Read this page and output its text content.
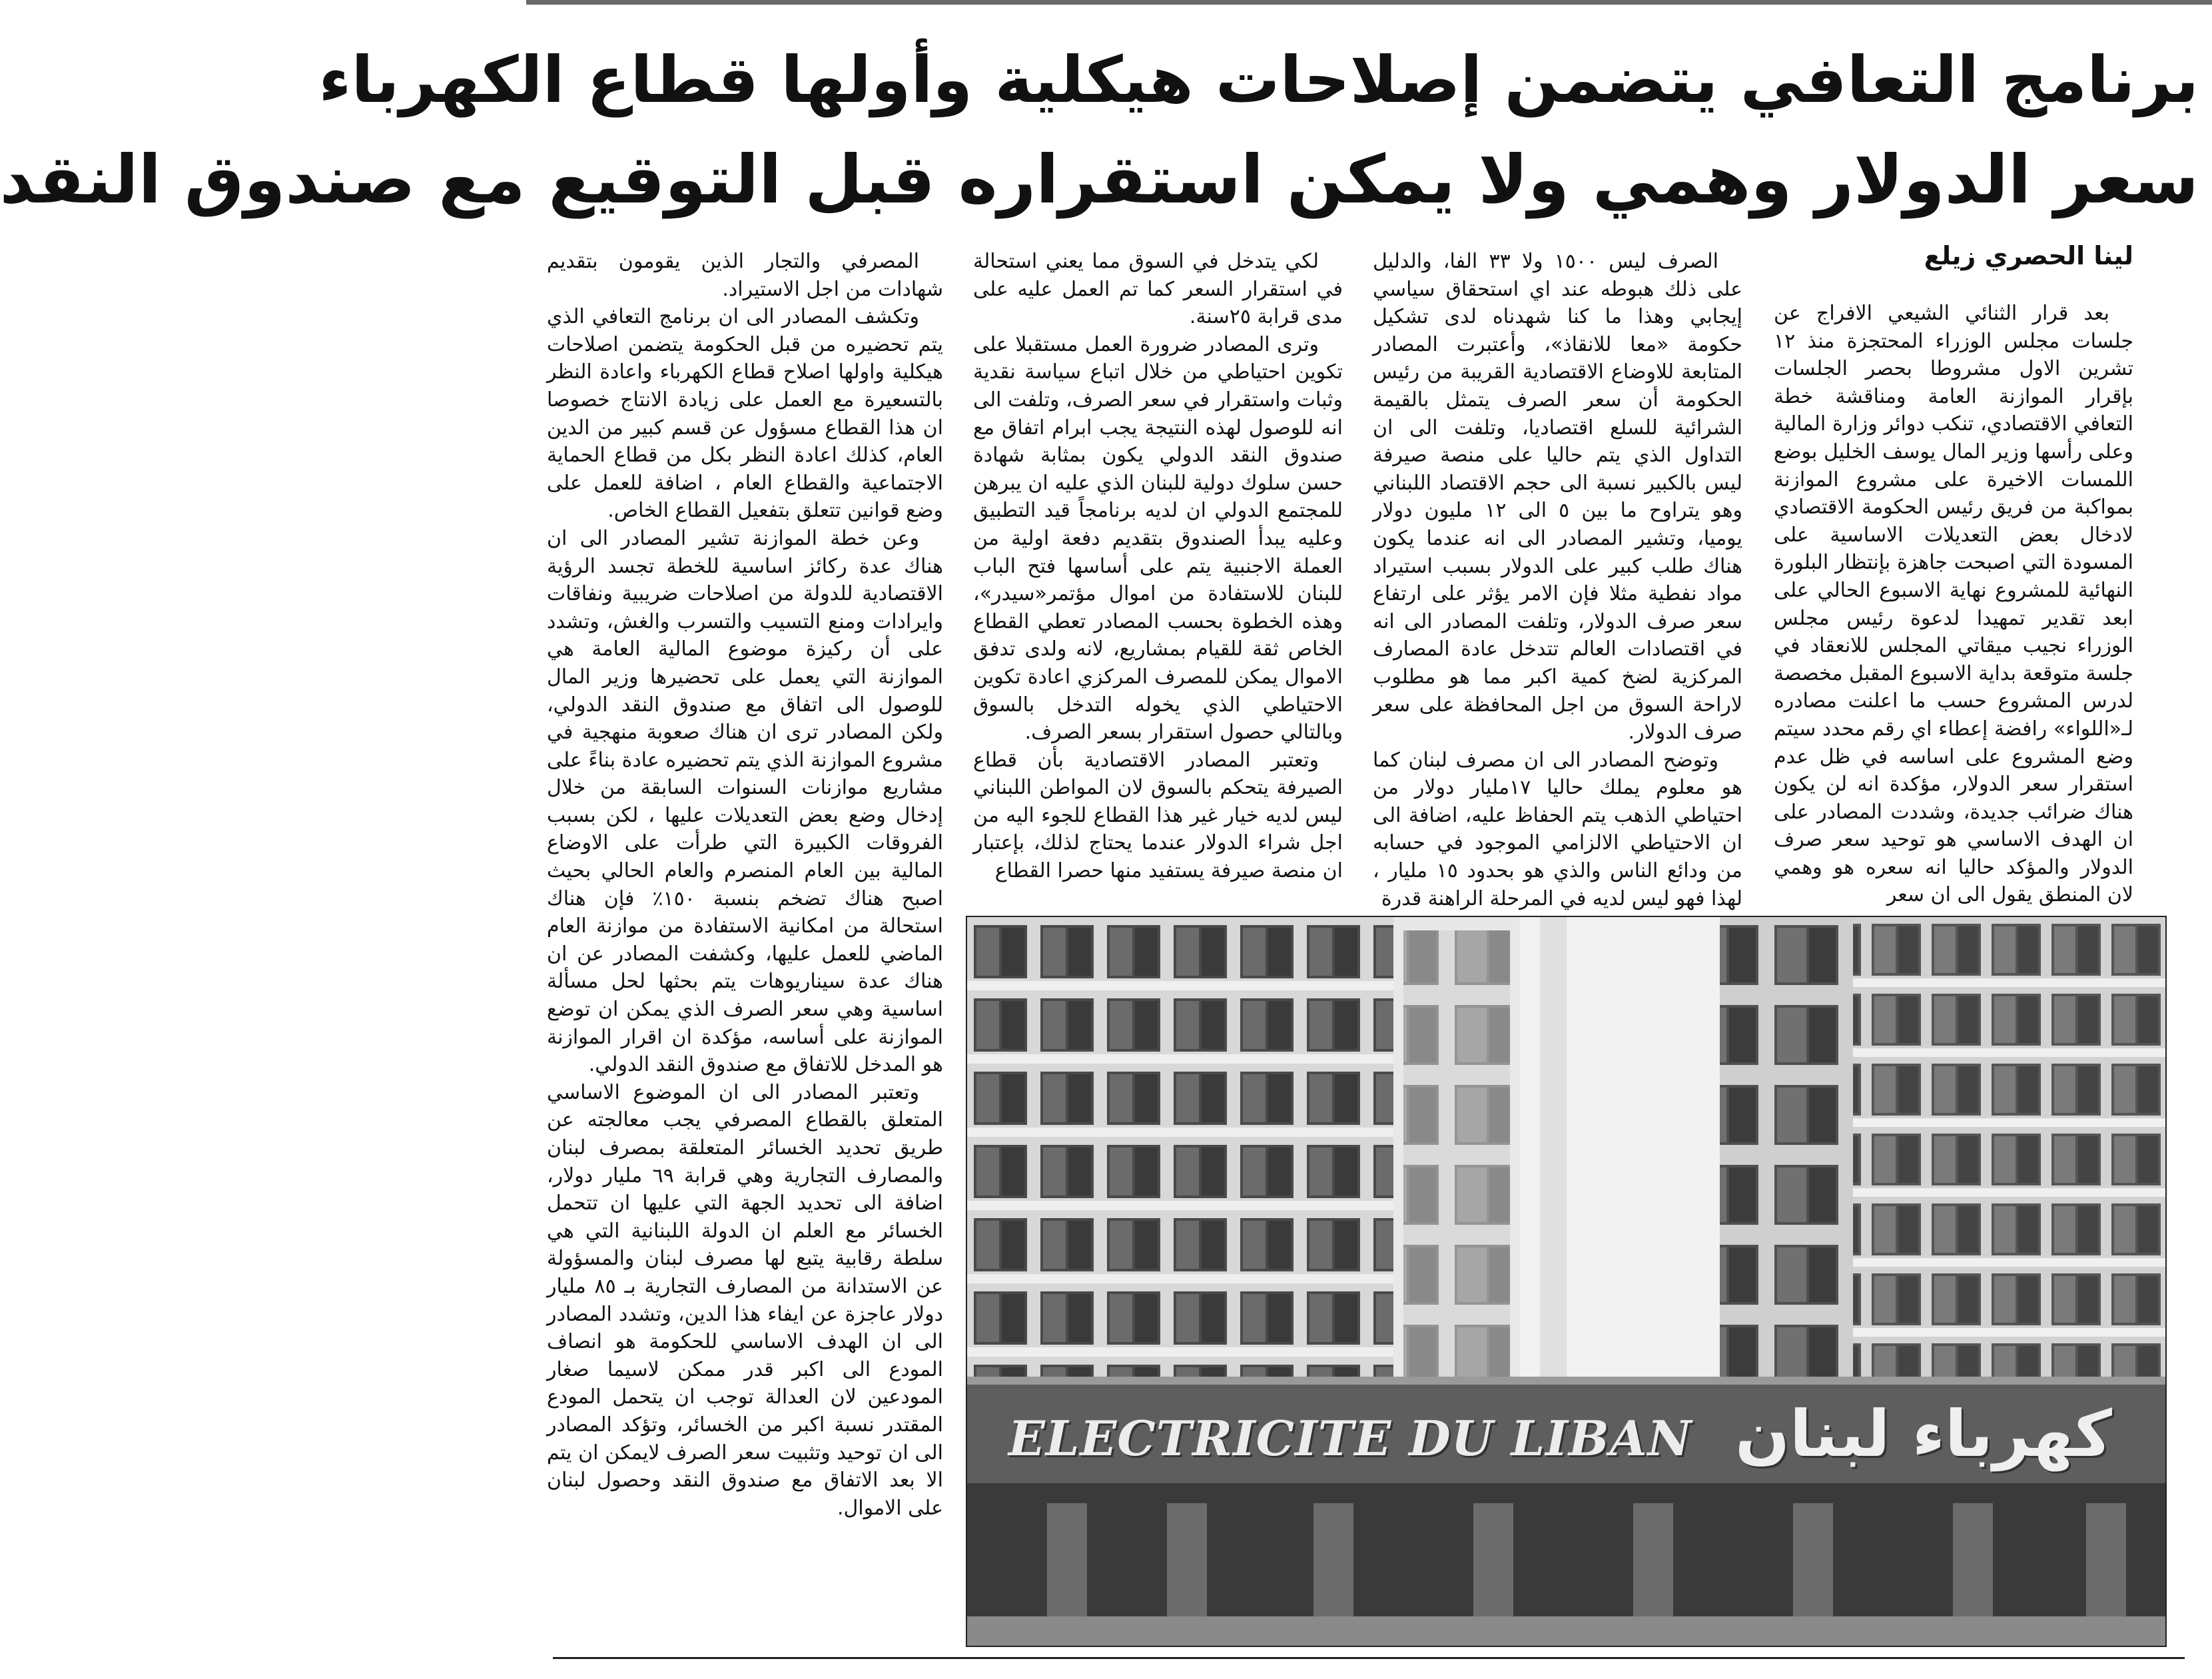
برنامج التعافي يتضمن إصلاحات هيكلية وأولها قطاع الكهرباء
سعر الدولار وهمي ولا يمكن استقراره قبل التوقيع مع صندوق النقد
لينا الحصري زيلع

بعد قرار الثنائي الشيعي الافراج عن جلسات مجلس الوزراء المحتجزة منذ ١٢ تشرين الاول مشروطا بحصر الجلسات بإقرار الموازنة العامة ومناقشة خطة التعافي الاقتصادي، تنكب دوائر وزارة المالية وعلى رأسها وزير المال يوسف الخليل بوضع اللمسات الاخيرة على مشروع الموازنة بمواكبة من فريق رئيس الحكومة الاقتصادي لادخال بعض التعديلات الاساسية على المسودة التي اصبحت جاهزة بإنتظار البلورة النهائية للمشروع نهاية الاسبوع الحالي على ابعد تقدير تمهيدا لدعوة رئيس مجلس الوزراء نجيب ميقاتي المجلس للانعقاد في جلسة متوقعة بداية الاسبوع المقبل مخصصة لدرس المشروع حسب ما اعلنت مصادره لـ«اللواء» رافضة إعطاء اي رقم محدد سيتم وضع المشروع على اساسه في ظل عدم استقرار سعر الدولار، مؤكدة انه لن يكون هناك ضرائب جديدة، وشددت المصادر على ان الهدف الاساسي هو توحيد سعر صرف الدولار والمؤكد حاليا انه سعره هو وهمي لان المنطق يقول الى ان سعر

الصرف ليس ١٥٠٠ ولا ٣٣ الفا، والدليل على ذلك هبوطه عند اي استحقاق سياسي إيجابي وهذا ما كنا شهدناه لدى تشكيل حكومة «معا للانقاذ»، وأعتبرت المصادر المتابعة للاوضاع الاقتصادية القريبة من رئيس الحكومة أن سعر الصرف يتمثل بالقيمة الشرائية للسلع اقتصاديا، وتلفت الى ان التداول الذي يتم حاليا على منصة صيرفة ليس بالكبير نسبة الى حجم الاقتصاد اللبناني وهو يتراوح ما بين ٥ الى ١٢ مليون دولار يوميا، وتشير المصادر الى انه عندما يكون هناك طلب كبير على الدولار بسبب استيراد مواد نفطية مثلا فإن الامر يؤثر على ارتفاع سعر صرف الدولار، وتلفت المصادر الى انه في اقتصادات العالم تتدخل عادة المصارف المركزية لضخ كمية اكبر مما هو مطلوب لاراحة السوق من اجل المحافظة على سعر صرف الدولار.

وتوضح المصادر الى ان مصرف لبنان كما هو معلوم يملك حاليا ١٧مليار دولار من احتياطي الذهب يتم الحفاظ عليه، اضافة الى ان الاحتياطي الالزامي الموجود في حسابه من ودائع الناس والذي هو بحدود ١٥ مليار ، لهذا فهو ليس لديه في المرحلة الراهنة قدرة

لكي يتدخل في السوق مما يعني استحالة في استقرار السعر كما تم العمل عليه على مدى قرابة ٢٥سنة.

وترى المصادر ضرورة العمل مستقبلا على تكوين احتياطي من خلال اتباع سياسة نقدية وثبات واستقرار في سعر الصرف، وتلفت الى انه للوصول لهذه النتيجة يجب ابرام اتفاق مع صندوق النقد الدولي يكون بمثابة شهادة حسن سلوك دولية للبنان الذي عليه ان يبرهن للمجتمع الدولي ان لديه برنامجاً قيد التطبيق وعليه يبدأ الصندوق بتقديم دفعة اولية من العملة الاجنبية يتم على أساسها فتح الباب للبنان للاستفادة من اموال مؤتمر«سيدر»، وهذه الخطوة بحسب المصادر تعطي القطاع الخاص ثقة للقيام بمشاريع، لانه ولدى تدفق الاموال يمكن للمصرف المركزي اعادة تكوين الاحتياطي الذي يخوله التدخل بالسوق وبالتالي حصول استقرار بسعر الصرف.

وتعتبر المصادر الاقتصادية بأن قطاع الصيرفة يتحكم بالسوق لان المواطن اللبناني ليس لديه خيار غير هذا القطاع للجوء اليه من اجل شراء الدولار عندما يحتاج لذلك، بإعتبار ان منصة صيرفة يستفيد منها حصرا القطاع

المصرفي والتجار الذين يقومون بتقديم شهادات من اجل الاستيراد.

وتكشف المصادر الى ان برنامج التعافي الذي يتم تحضيره من قبل الحكومة يتضمن اصلاحات هيكلية واولها اصلاح قطاع الكهرباء واعادة النظر بالتسعيرة مع العمل على زيادة الانتاج خصوصا ان هذا القطاع مسؤول عن قسم كبير من الدين العام، كذلك اعادة النظر بكل من قطاع الحماية الاجتماعية والقطاع العام ، اضافة للعمل على وضع قوانين تتعلق بتفعيل القطاع الخاص.

وعن خطة الموازنة تشير المصادر الى ان هناك عدة ركائز اساسية للخطة تجسد الرؤية الاقتصادية للدولة من اصلاحات ضريبية ونفاقات وايرادات ومنع التسيب والتسرب والغش، وتشدد على أن ركيزة موضوع المالية العامة هي الموازنة التي يعمل على تحضيرها وزير المال للوصول الى اتفاق مع صندوق النقد الدولي، ولكن المصادر ترى ان هناك صعوبة منهجية في مشروع الموازنة الذي يتم تحضيره عادة بناءً على مشاريع موازنات السنوات السابقة من خلال إدخال وضع بعض التعديلات عليها ، لكن بسبب الفروقات الكبيرة التي طرأت على الاوضاع المالية بين العام المنصرم والعام الحالي بحيث اصبح هناك تضخم بنسبة ١٥٠٪ فإن هناك استحالة من امكانية الاستفادة من موازنة العام الماضي للعمل عليها، وكشفت المصادر عن ان هناك عدة سيناريوهات يتم بحثها لحل مسألة اساسية وهي سعر الصرف الذي يمكن ان توضع الموازنة على أساسه، مؤكدة ان اقرار الموازنة هو المدخل للاتفاق مع صندوق النقد الدولي.

وتعتبر المصادر الى ان الموضوع الاساسي المتعلق بالقطاع المصرفي يجب معالجته عن طريق تحديد الخسائر المتعلقة بمصرف لبنان والمصارف التجارية وهي قرابة ٦٩ مليار دولار، اضافة الى تحديد الجهة التي عليها ان تتحمل الخسائر مع العلم ان الدولة اللبنانية التي هي سلطة رقابية يتبع لها مصرف لبنان والمسؤولة عن الاستدانة من المصارف التجارية بـ ٨٥ مليار دولار عاجزة عن ايفاء هذا الدين، وتشدد المصادر الى ان الهدف الاساسي للحكومة هو انصاف المودع الى اكبر قدر ممكن لاسيما صغار المودعين لان العدالة توجب ان يتحمل المودع المقتدر نسبة اكبر من الخسائر، وتؤكد المصادر الى ان توحيد وتثبيت سعر الصرف لايمكن ان يتم الا بعد الاتفاق مع صندوق النقد وحصول لبنان على الاموال.

ELECTRICITE DU LIBAN كهرباء لبنان
